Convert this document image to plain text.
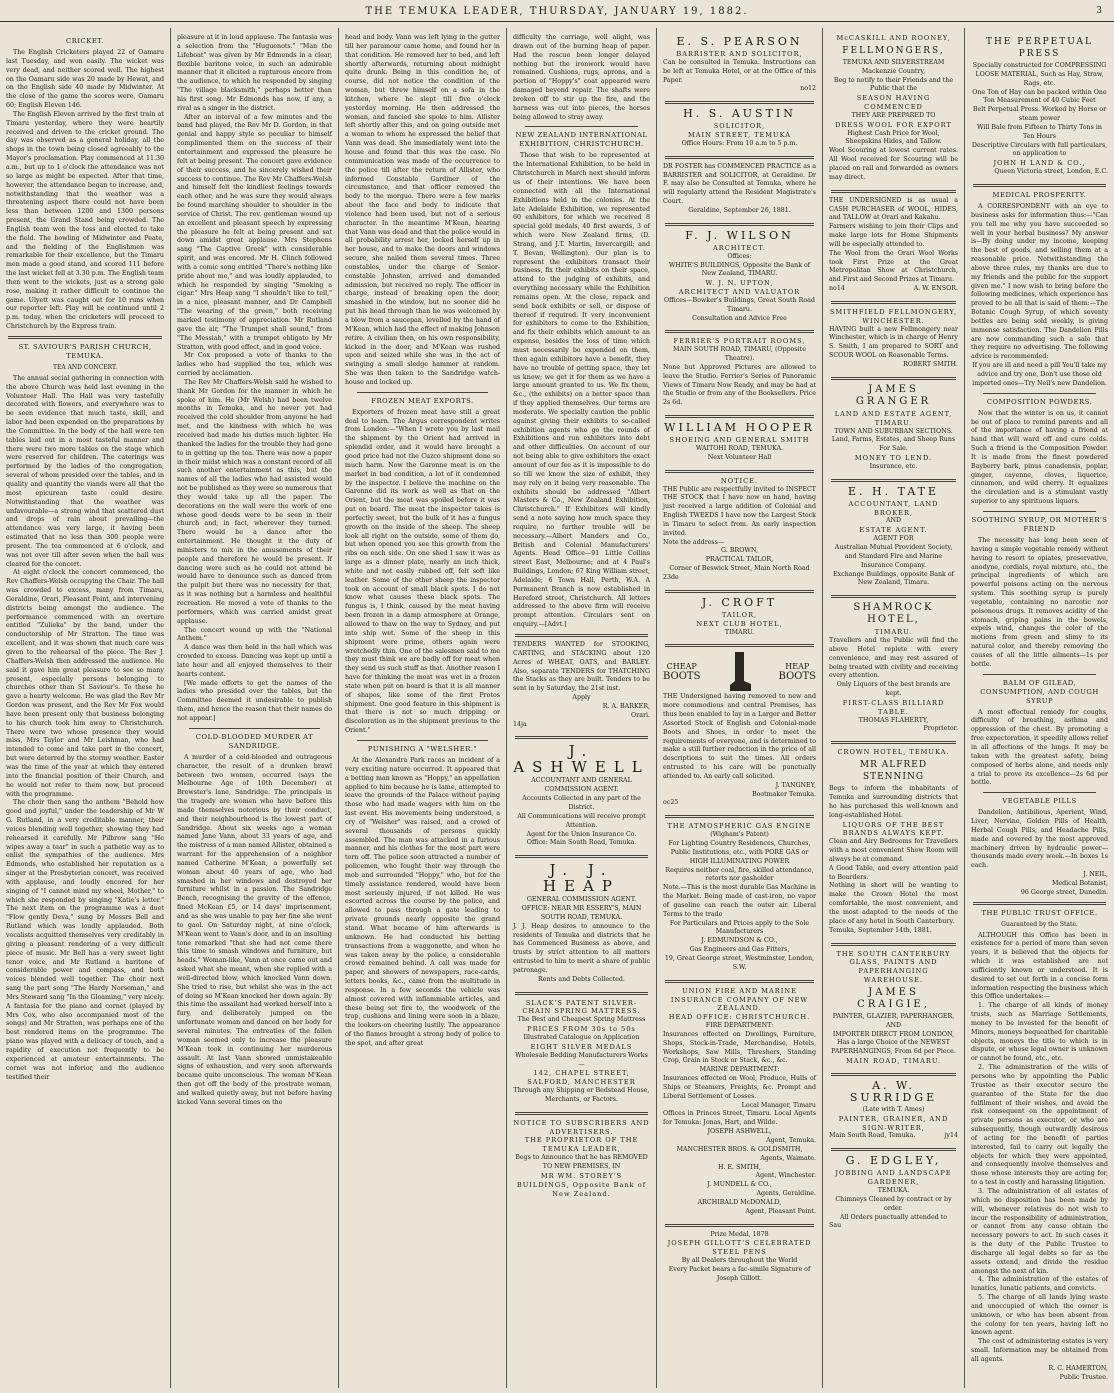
THE TEMUKA LEADER, THURSDAY, JANUARY 19, 1882.	3
CRICKET.

The English Cricketers played 22 of Oamaru last Tuesday, and won easily. The wicket was very dead, and neither scored well. The highest on the Oamaru side was 20 made by Hewat, and on the English side 40 made by Midwinter. At the close of the game the scores were, Oamaru 60; English Eleven 146.

The English Eleven arrived by the first train at Timaru yesterday, where they were heartily received and driven to the cricket ground. The day was observed as a general holiday, all the shops in the town being closed agreeably to the Mayor's proclamation. Play commenced at 11.30 a.m., but up to 1 o'clock the attendance was not so large as might be expected. After that time, however, the attendance began to increase, and, notwithstanding that the weather was a threatening aspect there could not have been less than between 1200 and 1300 persons present, the Grand Stand being crowded. The English team won the toss and elected to take the field. The bowling of Midwinter and Peate, and the fielding of the Englishmen was remarkable for their excellence, but the Timaru men made a good stand, and scored 111 before the last wicket fell at 3.30 p.m. The English team then went to the wickets, just as a strong gale rose, making it rather difficult to continue the game. Ulyett was caught out for 10 runs when our reporter left. Play will be continued until 2 p.m. today, when the cricketers will proceed to Christchurch by the Express train.

ST. SAVIOUR'S PARISH CHURCH, TEMUKA.
TEA AND CONCERT.

The annual social gathering in connection with the above Church was held last evening in the Volunteer Hall. The Hall was very tastefully decorated with flowers, and everywhere was to be seen evidence that much taste, skill, and labor had been expended on the preparations by the Committee. In the body of the hall were ten tables laid out in a most tasteful manner and there were two more tables on the stage which were reserved for children. The caterings was performed by the ladies of the congregation, several of whom presided over the tables, and in quality and quantity the viands were all that the most epicurean taste could desire. Notwithstanding that the weather was unfavourable—a strong wind that scattered dust and drops of rain about prevailing—the attendance was very large, it having been estimated that no less than 300 people were present. The tea commenced at 6 o'clock, and was not over till after seven when the hall was cleared for the concert.

At eight o'clock the concert commenced, the Rev Chaffers-Welsh occupying the Chair. The hall was crowded to excess, many from Timaru, Geraldine, Orari, Pleasant Point, and intervening districts being amongst the audience. The performance commenced with an overture entitled "Zulieka" by the band, under the conductorship of Mr Stratton. The time was excellent, and it was shown that much care was given to the rehearsal of the piece. The Rev J. Chaffers-Welsh then addressed the audience. He said it gave him great pleasure to see so many present, especially persons belonging to churches other than St Saviour's. To these he gave a hearty welcome. He was glad the Rev Mr Gordon was present, and the Rev Mr Fox would have been present only that business belonging to his church took him away to Christchurch. There were two whose presence they would miss, Mrs Taylor and Mr Leishman, who had intended to come and take part in the concert, but were deterred by the stormy weather. Easter was the time of the year at which they entered into the financial position of their Church, and he would not refer to them now, but proceed with the programme.

The choir then sang the anthem "Behold how good and joyful," under the leadership of Mr W G. Rutland, in a very creditable manner, their voices blending well together, showing they had rehearsed it carefully. Mr Pilbrow sang "He wipes away a tear" in such a pathetic way as to enlist the sympathies of the audience. Mrs Edmonds, who established her reputation as a singer at the Presbyterian concert, was received with applause, and loudly encored for her singing of "I cannot mind my wheel, Mother," to which she responded by singing "Katie's letter." The next item on the programme was a duet "Flow gently Deva," sung by Messrs Bell and Rutland which was loudly applauded. Both vocalists acquitted themselves very creditably in giving a pleasant rendering of a very difficult piece of music. Mr Bell has a very sweet light tenor voice, and Mr Rutland a baritone of considerable power and compass, and both voices blended well together. The choir next sang the part song "The Hardy Norseman," and Mrs Steward sang "In the Gloaming," very nicely. A fantasia for the piano and cornet (played by Mrs Cox, who also accompanied most of the songs) and Mr Stratton, was perhaps one of the best rendered items on the programme. The piano was played with a delicacy of touch, and a rapidity of execution not frequently to be experienced at amateur entertainments. The cornet was not inferior, and the audience testified their

pleasure at it in loud applause. The fantasia was a selection from the "Huguenots." "Man the Lifeboat" was given by Mr Edmonds in a clear, flexible baritone voice, in such an admirable manner that it elicited a rapturous encore from the audience, to which he responded by singing "The village blacksmith," perhaps better than his first song. Mr Edmonds has now, if any, a rival as a singer in the district.

After an interval of a few minutes and the band had played, the Rev Mr D. Gordon, in that genial and happy style so peculiar to himself complimented them on the success of their entertainment and expressed the pleasure he felt at being present. The concert gave evidence of their success, and he sincerely wished their success to continue. The Rev Mr Chaffers-Welsh and himself felt the kindliest feelings towards each other, and he was sure they would always be found marching shoulder to shoulder in the service of Christ. The rev. gentleman wound up an excellent and pleasant speech by expressing the pleasure he felt at being present and sat down amidst great applause. Mrs Stephens sang "The Captive Greek" with considerable spirit, and was encored. Mr H. Clinch followed with a comic song entitled "There's nothing like pride about me," and was loudly applauded, to which he responded by singing "Smoking a cigar." Mrs Heap sang "I shouldn't like to tell," in a nice, pleasant manner, and Dr Campbell "The wearing of the green," both receiving marked testimony of appreciation. Mr Rutland gave the air, "The Trumpet shall sound," from "The Messiah," with a trumpet obligato by Mr Stratton, with good effect, and in good voice.

Mr Cox proposed a vote of thanks to the ladies who had supplied the tea, which was carried by acclamation.

The Rev Mr Chaffers-Welsh said he wished to thank Mr Gordon for the manner in which he spoke of him. He (Mr Welsh) had been twelve months in Temuka, and he never yet had received the cold shoulder from anyone he had met, and the kindness with which he was received had made his duties much lighter. He thanked the ladies for the trouble they had gone to in getting up the tea. There was now a paper in their midst which was a constant record of all such another entertainment as this, but the names of all the ladies who had assisted would not be published as they were so numerous that they would take up all the paper. The decorations on the wall were the work of one whose good deeds were to be seen in their church and, in fact, wherever they turned. There would be a dance after the entertainment. He thought it the duty of ministers to mix in the amusements of their people and therefore he would be present. If dancing were such as he could not attend he would have to denounce such as danced from the pulpit but there was no necessity for that, as it was nothing but a harmless and healthful recreation. He moved a vote of thanks to the performers, which was carried amidst great applause.

The concert wound up with the "National Anthem."

A dance was then held in the hall which was crowded to excess. Dancing was kept up until a late hour and all enjoyed themselves to their hearts content.

[We made efforts to get the names of the ladies who presided over the tables, but the Committee deemed it undesirable to publish them, and hence the reason that their names do not appear.]

COLD-BLOODED MURDER AT SANDRIDGE.

A murder of a cold-blooded and outrageous character, the result of a drunken brawl between two women, occurred (says the Melbourne Age of 10th December) at Brewster's lane, Sandridge. The principals in the tragedy are women who have before this made themselves notorious by their conduct, and their neighbourhood is the lowest part of Sandridge. About six weeks ago a woman named Jane Vann, about 33 years of age, and the mistress of a man named Allister, obtained a warrant for the apprehension of a neighbor named Catherine M'Kean, a powerfully set woman about 40 years of age, who had smashed in her windows and destroyed her furniture whilst in a passion. The Sandridge Bench, recognising the gravity of the offence, fined McKean £5, or 14 days' imprisonment, and as she was unable to pay her fine she went to gaol. On Saturday night, at nine o'clock, M'Kean went to Vann's door, and in an insulting tone remarked "that she had not come there this time to smash windows and furniture, but heads." Woman-like, Vann at once came out and asked what she meant, when she replied with a well-directed blow, which knocked Vann down. She tried to rise, but whilst she was in the act of doing so M'Kean knocked her down again. By this time the assailant had worked herself into a fury, and deliberately jumped on the unfortunate woman and danced on her body for several minutes. The entreaties of the fallen woman seemed only to increase the pleasure M'Kean took in continuing her murderous assault. At last Vann showed unmistakeable signs of exhaustion, and very soon afterwards became quite unconscious. The woman M'Kean then got off the body of the prostrate woman, and walked quietly away, but not before having kicked Vann several times on the

head and body. Vann was left lying in the gutter till her paramour came home, and found her in that condition. He removed her to bed, and left shortly afterwards, returning about midnight quite drunk. Being in this condition he, of course, did not notice the condition of the woman, but threw himself on a sofa in the kitchen, where he slept till five o'clock yesterday morning. He then addressed the woman, and fancied she spoke to him. Allister left shortly after this, and on going outside met a woman to whom he expressed the belief that Vann was dead. She immediately went into the house and found that this was the case. No communication was made of the occurrence to the police till after the return of Allister, who informed Constable Gardiner of the circumstance, and that officer removed the body to the morgue. There were a few marks about the face and body to indicate that violence had been used, but not of a serious character. In the meantime M'Kean, hearing that Vann was dead and that the police would in all probability arrest her, locked herself up in her house, and to make the doors and windows secure, she nailed them several times. Three constables, under the charge of Senior-constable Johnston, arrived and demanded admission, but received no reply. The officer in charge, instead of breaking open the door, smashed in the window, but no sooner did he put his head through than he was welcomed by a blow from a saucepan, levelled by the hand of M'Kean, which had the effect of making Johnson retire. A civilian then, on his own responsibility, kicked in the door, and M'Kean was rushed upon and seized while she was in the act of swinging a small sledge hammer at random. She was then taken to the Sandridge watch-house and locked up.

FROZEN MEAT EXPORTS.

Exporters of frozen meat have still a great deal to learn. The Argus correspondent writes from London:—"When I wrote you by last mail the shipment by the Orient had arrived in splendid order, and it would have brought a good price had not the Cuzco shipment done so much harm. Now the Garonne meat is on the market in bad condition, a lot of it condemned by the inspector. I believe the machine on the Garonne did its work as well as that on the Orient, but the meat was spoiled before it was put on board. The meat the inspector takes is perfectly sweet, but the bulk of it has a fungus growth on the inside of the sheep. The sheep look all right on the outside, some of them do, but when opened you see this growth from the ribs on each side. On one shed I saw it was as large as a dinner plate, nearly an inch thick, white and not easily rubbed off, felt soft like leather. Some of the other sheep the inspector took on account of small black spots. I do not know what causes these black spots. The fungus is, I think, caused by the meat having been frozen in a damp atmosphere at Orange, allowed to thaw on the way to Sydney, and put into ship wet. Some of the sheep in this shipment were prime, others again were wretchedly thin. One of the salesmen said to me they must think we are badly off for meat when they send us such stuff as that. Another reason I have for thinking the meat was wet in a frozen state when put on board is that it is all manner of shapes, like some of the first Protos shipment. One good feature in this shipment is that there is not so much dripping or discoloration as in the shipment previous to the Orient."

PUNISHING A "WELSHER."

At the Alexandra Park races an incident of a very exciting nature occurred. It appeared that a betting man known as "Hoppy," an appellation applied to him because he is lame, attempted to leave the grounds of the Palace without paying those who had made wagers with him on the last event. His movements being understood, a cry of "Welsher" was raised, and a crowd of several thousands of persons quickly assembled. The man was attacked in a furious manner, and his clothes for the most part were torn off. The police soon attracted a number of policemen, who fought their way through the mob and surrounded "Hoppy," who, but for the timely assistance rendered, would have been most seriously injured, if not killed. He was escorted across the course by the police, and allowed to pass through a gate leading to private grounds nearly opposite the grand stand. What became of him afterwards is unknown. He had conducted his betting transactions from a waggonette, and when he was taken away by the police, a considerable crowd remained behind. A call was made for paper, and showers of newspapers, race-cards, letters books, &c., came from the multitude in response. In a few seconds the vehicle was almost covered with inflammable articles, and these being set fire to, the woodwork of the trap, cushions and lining were soon in a blaze, the lookers-on cheering lustily. The appearance of the flames brought a strong body of police to the spot, and after great

difficulty the carriage, well alight, was drawn out of the burning heap of paper. Had the rescue been longer delayed nothing but the ironwork would have remained. Cushions, rugs, aprons, and a portion of "Hoppy's" coat appeared were damaged beyond repair. The shafts were broken off to stir up the fire, and the harness was cut into pieces, the horses being allowed to stray away.

NEW ZEALAND INTERNATIONAL EXHIBITION, CHRISTCHURCH.

Those that wish to be represented at the International Exhibition, to be held in Christchurch in March next should inform us of their intentions. We have been connected with all the International Exhibitions held in the colonies. At the late Adelaide Exhibition, we represented 60 exhibitors, for which we received 8 special gold medals, 40 first awards, 3 of which were New Zealand firms, (D. Strang, and J.T. Martin, Invercargill; and T. Bevan, Wellington). Our plan is to represent the exhibitors transact their business, fix their exhibits on their space, attend to the judging of exhibits, and everything necessary while the Exhibition remains open. At the close, repack and send back exhibits or sell, or dispose of thereof if required. It very inconvenient for exhibitors to come to the Exhibition, and fix their exhibits which amount to an expense, besides the loss of time which must necessarily be expended on them, then again exhibitors have a benefit, they have no trouble of getting space, they let us know; we get it for them as we have a large amount granted to us. We fix them, &c., (the exhibits) on a better space than if they applied themselves. Our terms are moderate. We specially caution the public against giving their exhibits to so-called exhibition agents who go the rounds of Exhibitions and run exhibitors into debt and other difficulties. On account of our not being able to give exhibitors the exact amount of our fee as it is impossible to do so till we know the size of exhibit, they may rely on it being very reasonable. The exhibits should be addressed "Albert Masters & Co., New Zealand Exhibition, Christchurch." If Exhibitors will kindly send a note saying how much space they require, no further trouble will be necessary.—Albert Manders and Co., British and Colonial Manufacturers' Agents. Head Office—91 Little Collins street East, Melbourne; and at 4 Paul's Buildings, London; 67 King William street, Adelaide; 6 Town Hall, Perth, W.A. A Permanent Branch is now established in Hereford street, Christchurch. All letters addressed to the above firm will receive prompt attention. Circulars sent on enquiry.—[Advt.]

TENDERS WANTED for STOOKING, CARTING, and STACKING about 120 Acres of WHEAT, OATS, and BARLEY. Also, separate TENDERS for THATCHING the Stacks as they are built. Tenders to be sent in by Saturday, the 21st inst.

Apply

R. A. BARKER,

Orari.

14ja

J. ASHWELL

ACCOUNTANT AND GENERAL COMMISSION AGENT.

Accounts Collected in any part of the District.

All Communications will receive prompt Attention.

Agent for the Union Insurance Co.

Office: Main South Road, Temuka.

J. J. HEAP

GENERAL COMMISSION AGENT.

OFFICE: NEAR MR ESSERY'S, MAIN SOUTH ROAD, TEMUKA.

J. J. Heap desires to announce to the residents of Temuka and districts that he has Commenced Business as above, and trusts by strict attention to all matters entrusted to him to merit a share of public patronage.

Rents and Debts Collected.

SLACK'S PATENT SILVER-CHAIN SPRING MATTRESS.

The Best and Cheapest Spring Mattress

PRICES FROM 30s to 50s

Illustrated Catalogue on Application

EIGHT SILVER MEDALS

Wholesale Bedding Manufacturers Works—

142, CHAPEL STREET, SALFORD, MANCHESTER

Through any Shipping or Bedstead House, Merchants, or Factors.

NOTICE TO SUBSCRIBERS AND ADVERTISERS.

THE PROPRIETOR OF THE TEMUKA LEADER,

Begs to Announce that he has REMOVED TO NEW PREMISES, IN

MR WM. STOREY'S BUILDINGS, Opposite Bank of New Zealand.

E. S. PEARSON

BARRISTER AND SOLICITOR,

Can be consulted in Temuka. Instructions can be left at Temuka Hotel, or at the Office of this Paper.

no12

H. S. AUSTIN

SOLICITOR,

MAIN STREET, TEMUKA

Office Hours: From 10 a.m to 5 p.m.

DR FOSTER has COMMENCED PRACTICE as a BARRISTER and SOLICITOR, at Geraldine. Dr F. may also be Consulted at Temuka, where he will regularly attend the Resident Magistrate's Court.

Geraldine, September 26, 1881.

F. J. WILSON

ARCHITECT.

Offices:

WHITE'S BUILDINGS, Opposite the Bank of New Zealand, TIMARU.

W. J. N. UPTON,

ARCHITECT AND VALUATOR

Offices—Bowker's Buildings, Great South Road Timaru.

Consultation and Advice Free

FERRIER'S PORTRAIT ROOMS,

MAIN SOUTH ROAD, TIMARU, (Opposite Theatre).

None but Approved Pictures are allowed to leave the Studio. Ferrier's Series of Panoramic Views of Timaru Now Ready, and may be had at the Studio or from any of the Booksellers. Price 2s 6d.

WILLIAM HOOPER

SHOEING AND GENERAL SMITH

WAITOHI ROAD, TEMUKA.

Next Volunteer Hall

NOTICE.

THE Public are respectfully invited to INSPECT THE STOCK that I have now on hand, having just received a large addition of Colonial and English TWEEDS I have now the Largest Stock in Timaru to select from. An early inspection invited.

Note the address—

G. BROWN,

PRACTICAL TAILOR,

Corner of Beswick Street, Main North Road

23de

J. CROFT

TAILOR,

NEXT CLUB HOTEL,

TIMARU.

CHEAP
BOOTS
HEAP
BOOTS

THE Undersigned having removed to new and more commodious and central Premises, has thus been enabled to lay in a Larger and Better Assorted Stock of English and Colonial-made Boots and Shoes, in order to meet the requirements of everyone, and is determined to make a still further reduction in the price of all descriptions to suit the times. All orders entrusted to his care will be punctually attended to. An early call solicited.

J. TANGNEY,

Bootmaker Temuka.

oc25

THE ATMOSPHERIC GAS ENGINE

(Wigham's Patent)

For Lighting Country Residences, Churches, Public Institutions, etc., with PORE GAS or HIGH ILLUMINATING POWER

Requires neither coal, fire, skilled attendance, retorts nor gasholder

Note.—This is the most durable Gas Machine in the Market. Being made of cast-iron, no vapor of gasoline can reach the outer air. Liberal Terms to the trade

For Particulars and Prices apply to the Sole Manufacturers

J. EDMUNDSON & CO.,

Gas Engineers and Gas Fitters,

19, Great George street, Westminster, London, S.W.

UNION FIRE AND MARINE INSURANCE COMPANY OF NEW ZEALAND.

HEAD OFFICE: CHRISTCHURCH.

FIRE DEPARTMENT:

Insurances effected on Dwellings, Furniture, Shops, Stock-in-Trade, Merchandise, Hotels, Workshops, Saw Mills, Threshers, Standing Crop, Grain in Stock or Stack, &c., &c.

MARINE DEPARTMENT:

Insurances effected on Wool, Produce, Hulls of Ships or Steamers, Freights, &c. Prompt and Liberal Settlement of Losses.

Local Manager, Timaru

Offices in Princes Street, Timaru. Local Agents for Temuka: Jonas, Hart, and Wilde.

JOSEPH ASHWELL,

Agent, Temuka.

MANCHESTER BROS. & GOLDSMITH,

Agents, Waimate.

H. E. SMITH,

Agent, Winchester.

J. MUNDELL & CO.,

Agents, Geraldine.

ARCHIBALD McDONALD,

Agent, Pleasant Point.

Prize Medal, 1878

JOSEPH GILLOTT'S CELEBRATED STEEL PENS

By all Dealers throughout the World

Every Packet bears a fac-simile Signature of Joseph Gillott.

McCASKILL AND ROONEY,

FELLMONGERS,

TEMUKA AND SILVERSTREAM

Mackenzie Country,

Beg to notify to their Friends and the Public that the

SEASON HAVING COMMENCED

THEY ARE PREPARED TO

DRESS WOOL FOR EXPORT

Highest Cash Price for Wool, Sheepskins Hides, and Tallow.

Wool Scouring at lowest current rates. All Wool received for Scouring will be placed on rail and forwarded as owners may direct.

THE UNDERSIGNED is as usual a CASH PURCHASER of WOOL, HIDES, and TALLOW at Orari and Kakahu.

Farmers wishing to join their Clips and make large lots for Home Shipments will be especially attended to.

The Wool from the Orari Wool Works took First Prize at the Great Metropolitan Show at Christchurch, and First and Second Prizes at Timaru.

no14	A. W. ENSOR.

SMITHFIELD FELLMONGERY, WINCHESTER.

HAVING built a new Fellmongery near Winchester, which is in charge of Henry S. Smith, I am prepared to SORT and SCOUR WOOL on Reasonable Terms.

ROBERT SMITH.

JAMES GRANGER

LAND AND ESTATE AGENT, TIMARU.

TOWN AND SUBURBAN SECTIONS.

Land, Farms, Estates, and Sheep Runs For Sale.

MONEY TO LEND.

Insurance, etc.

E. H. TATE

ACCOUNTANT, LAND BROKER,

AND

ESTATE AGENT.

AGENT FOR

Australian Mutual Provident Society, and Standard Fire and Marine Insurance Company.

Exchange Buildings, opposite Bank of New Zealand, Timaru.

SHAMROCK HOTEL,

TIMARU.

Travellers and the Public will find the above Hotel replete with every convenience, and may rest assured of being treated with civility and receiving every attention.

Only Liquors of the best brands are kept.

FIRST-CLASS BILLIARD TABLE.

THOMAS FLAHERTY,

Proprietor.

CROWN HOTEL, TEMUKA.

MR ALFRED STENNING

Begs to inform the inhabitants of Temuka and surrounding districts that he has purchased this well-known and long-established Hotel.

LIQUORS OF THE BEST BRANDS ALWAYS KEPT.

Clean and Airy Bedrooms for Travellers with a most convenient Show Room will always be at command.

A Good Table, and every attention paid to Boarders.

Nothing in short will be wanting to make the Crown Hotel the most comfortable, the most convenient, and the most adapted to the needs of the place of any hotel in South Canterbury.

Temuka, September 14th, 1881.

THE SOUTH CANTERBURY

GLASS, PAINTS AND PAPERHANGING WAREHOUSE.

JAMES CRAIGIE,

PAINTER, GLAZIER, PAPERHANGER, AND

IMPORTER DIRECT FROM LONDON, Has a large Choice of the NEWEST PAPERHANGINGS, From 6d per Piece.

MAIN ROAD, TIMARU.

A. W. SURRIDGE

(Late with T. Ames)

PAINTER, GRAINER, AND SIGN-WRITER,

Main South Road, Temuka.	jy14

G. EDGLEY,

JOBBING AND LANDSCAPE GARDENER,

TEMUKA.

Chimneys Cleaned by contract or by order.

All Orders punctually attended to

Sau

THE PERPETUAL PRESS

Specially constructed for COMPRESSING LOOSE MATERIAL, Such as Hay, Straw, Rags, etc.

One Ton of Hay can be packed within One Ton Measurement of 40 Cubic Feet

Belt Perpetual Press. Worked by Horse or steam power

Will Bale from Fifteen to Thirty Tons in Ten Hours

Descriptive Circulars with full particulars, on application to

JOHN H LAND & CO.,

Queen Victoria street, London, E.C.

MEDICAL PROSPERITY.

A CORRESPONDENT with an eye to business asks for information thus:—"Can you tell me why you have succeeded so well in your herbal business? My answer is—By doing under my income, keeping the best of goods, and selling them at a reasonable price. Notwithstanding the above three rules, my thanks are due to my friends and the public for the support given me." I now wish to bring before the following medicines, which experience has proved to be all that is said of them:—The Botanic Cough Syrup, of which seventy bottles are being sold weekly, is giving immense satisfaction. The Dandelion Pills are now commanding such a sale that they require no advertising. The following advice is recommended:

If you are ill and need a pill You'll take my advice and try one, Don't use those old imported ones—Try Neil's new Dandelion.

COMPOSITION POWDERS.

Now that the winter is on us, it cannot be out of place to remind parents and all of the importance of having a friend at hand that will ward off and cure colds. Such a friend is the Composition Powder. It is made from the finest powdered Bayberry bark, pinus canadensis, poplar, ginger, cayenne, cloves, liquorice, cinnamon, and wild cherry. It equalizes the circulation and is a stimulant vastly superior to any spirituous liquors.

SOOTHING SYRUP, OR MOTHER'S FRIEND

The necessity has long been seen of having a simple vegetable remedy without having to resort to opiates, preservative, anodyne, cordials, royal mixture, etc., the principal ingredients of which are powerful poisons acting on the nervous system. This soothing syrup is purely vegetable, containing no narcotic nor poisonous drugs. It removes acidity of the stomach, griping pains in the bowels, expels wind, changes the color of the motions from green and slimy to its natural color, and thereby removing the causes of all the little ailments—1s per bottle.

BALM OF GILEAD, CONSUMPTION, AND COUGH SYRUP

A most effectual remedy for coughs, difficulty of breathing, asthma and oppression of the chest. By promoting a free expectoration, it speedily allows relief in all affections of the lungs. It may be taken with the greatest safety, being composed of herbs alone, and needs only a trial to prove its excellence—2s 6d per bottle.

VEGETABLE PILLS

Dandelion, Antibilious, Aperient, Wind, Liver, Nervine, Golden Pills of Health, Herbal Cough Pills, and Headache Pills, made and covered by the most approved machinery driven by hydraulic power—thousands made every week.—In boxes 1s each.

J. NEIL,

Medical Botanist,

96 George street, Dunedin.

THE PUBLIC TRUST OFFICE.
Guaranteed by the State.

ALTHOUGH this Office has been in existence for a period of more than seven years, it is believed that the objects for which it was established are not sufficiently known or understood. It is desired to set out forth in a concise form information respecting the business which this Office undertakes:—

1. The charge of all kinds of money trusts, such as Marriage Settlements, money to be invested for the benefit of Minors, moneys bequeathed for charitable objects, moneys the title to which is in dispute, or whose legal owner is unknown or cannot be found, etc., etc.

2. The administration of the wills of persons who by appointing the Public Trustee as their executor secure the guarantee of the State for the due fulfilment of their wishes, and avoid the risk consequent on the appointment of private persons as executor, or who are subsequently, though outwardly desirous of acting for the benefit of parties interested, fail to carry out legally the objects for which they were appointed, and consequently involve themselves and those whose interests they are acting for, to a test in costly and harassing litigation.

3. The administration of all estates of which no disposition has been made by will, whenever relatives do not wish to incur the responsibility of administration, or cannot from any cause obtain the necessary powers to act. In such cases it is the duty of the Public Trustee to discharge all legal debts so far as the assets extend, and divide the residue amongst the next of kin.

4. The administration of the estates of lunatics, lunatic patients, and convicts.

5. The charge of all lands lying waste and unoccupied of which the owner is unknown, or who has been absent from the colony for ten years, having left no known agent.

The cost of administering estates is very small. Information may be obtained from all agents.

R. C. HAMERTON,

Public Trustee.
